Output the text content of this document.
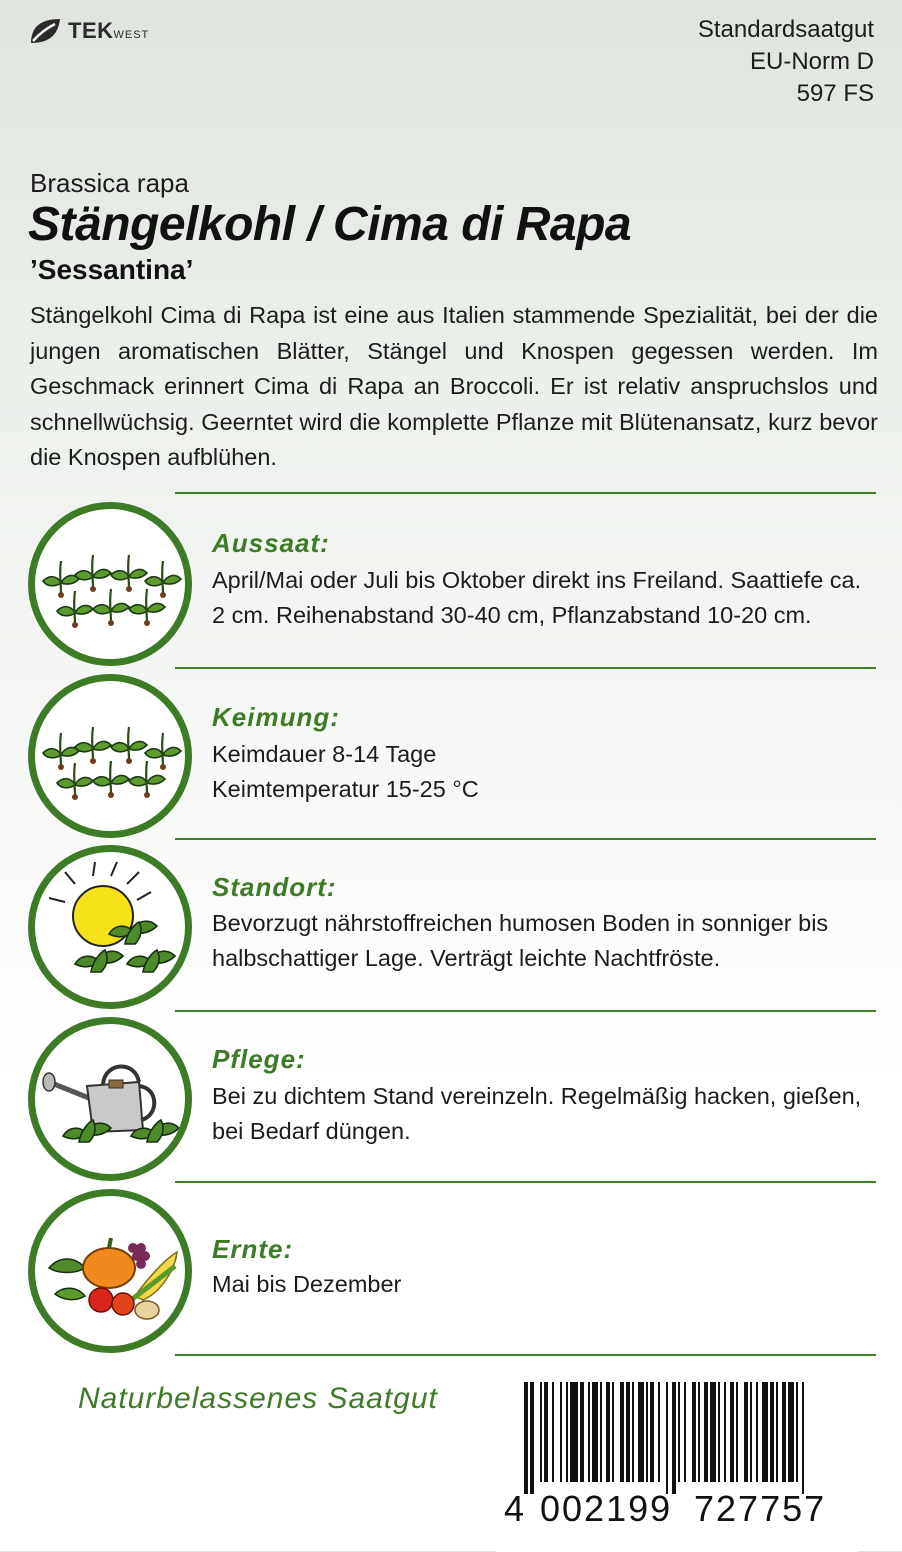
TEKWEST	Standardsaatgut
EU-Norm D
597 FS
Brassica rapa
Stängelkohl / Cima di Rapa
’Sessantina’

Stängelkohl Cima di Rapa ist eine aus Italien stammende Spezialität, bei der die jungen aromatischen Blätter, Stängel und Knospen gegessen werden. Im Geschmack erinnert Cima di Rapa an Broccoli. Er ist relativ anspruchslos und schnellwüchsig. Geerntet wird die komplette Pflanze mit Blütenansatz, kurz bevor die Knospen aufblühen.

Aussaat:

April/Mai oder Juli bis Oktober direkt ins Freiland. Saattiefe ca. 2 cm. Reihenabstand 30-40 cm, Pflanzabstand 10-20 cm.

Keimung:
Keimdauer 8-14 Tage
Keimtemperatur 15-25 °C
Standort:

Bevorzugt nährstoffreichen humosen Boden in sonniger bis halbschattiger Lage. Verträgt leichte Nachtfröste.

Pflege:

Bei zu dichtem Stand vereinzeln. Regelmäßig hacken, gießen, bei Bedarf düngen.

Ernte:

Mai bis Dezember

Naturbelassenes Saatgut
4 002199 727757
